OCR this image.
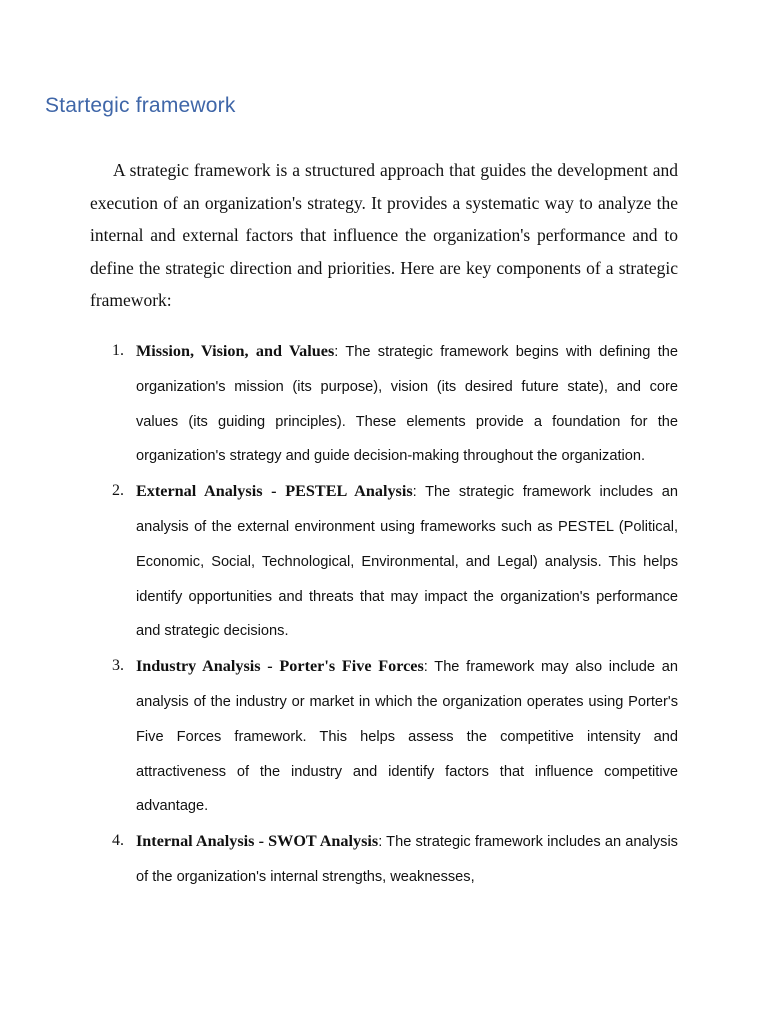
Startegic framework

A strategic framework is a structured approach that guides the development and execution of an organization's strategy. It provides a systematic way to analyze the internal and external factors that influence the organization's performance and to define the strategic direction and priorities. Here are key components of a strategic framework:

1. Mission, Vision, and Values: The strategic framework begins with defining the organization's mission (its purpose), vision (its desired future state), and core values (its guiding principles). These elements provide a foundation for the organization's strategy and guide decision-making throughout the organization.

2. External Analysis - PESTEL Analysis: The strategic framework includes an analysis of the external environment using frameworks such as PESTEL (Political, Economic, Social, Technological, Environmental, and Legal) analysis. This helps identify opportunities and threats that may impact the organization's performance and strategic decisions.

3. Industry Analysis - Porter's Five Forces: The framework may also include an analysis of the industry or market in which the organization operates using Porter's Five Forces framework. This helps assess the competitive intensity and attractiveness of the industry and identify factors that influence competitive advantage.

4. Internal Analysis - SWOT Analysis: The strategic framework includes an analysis of the organization's internal strengths, weaknesses,
